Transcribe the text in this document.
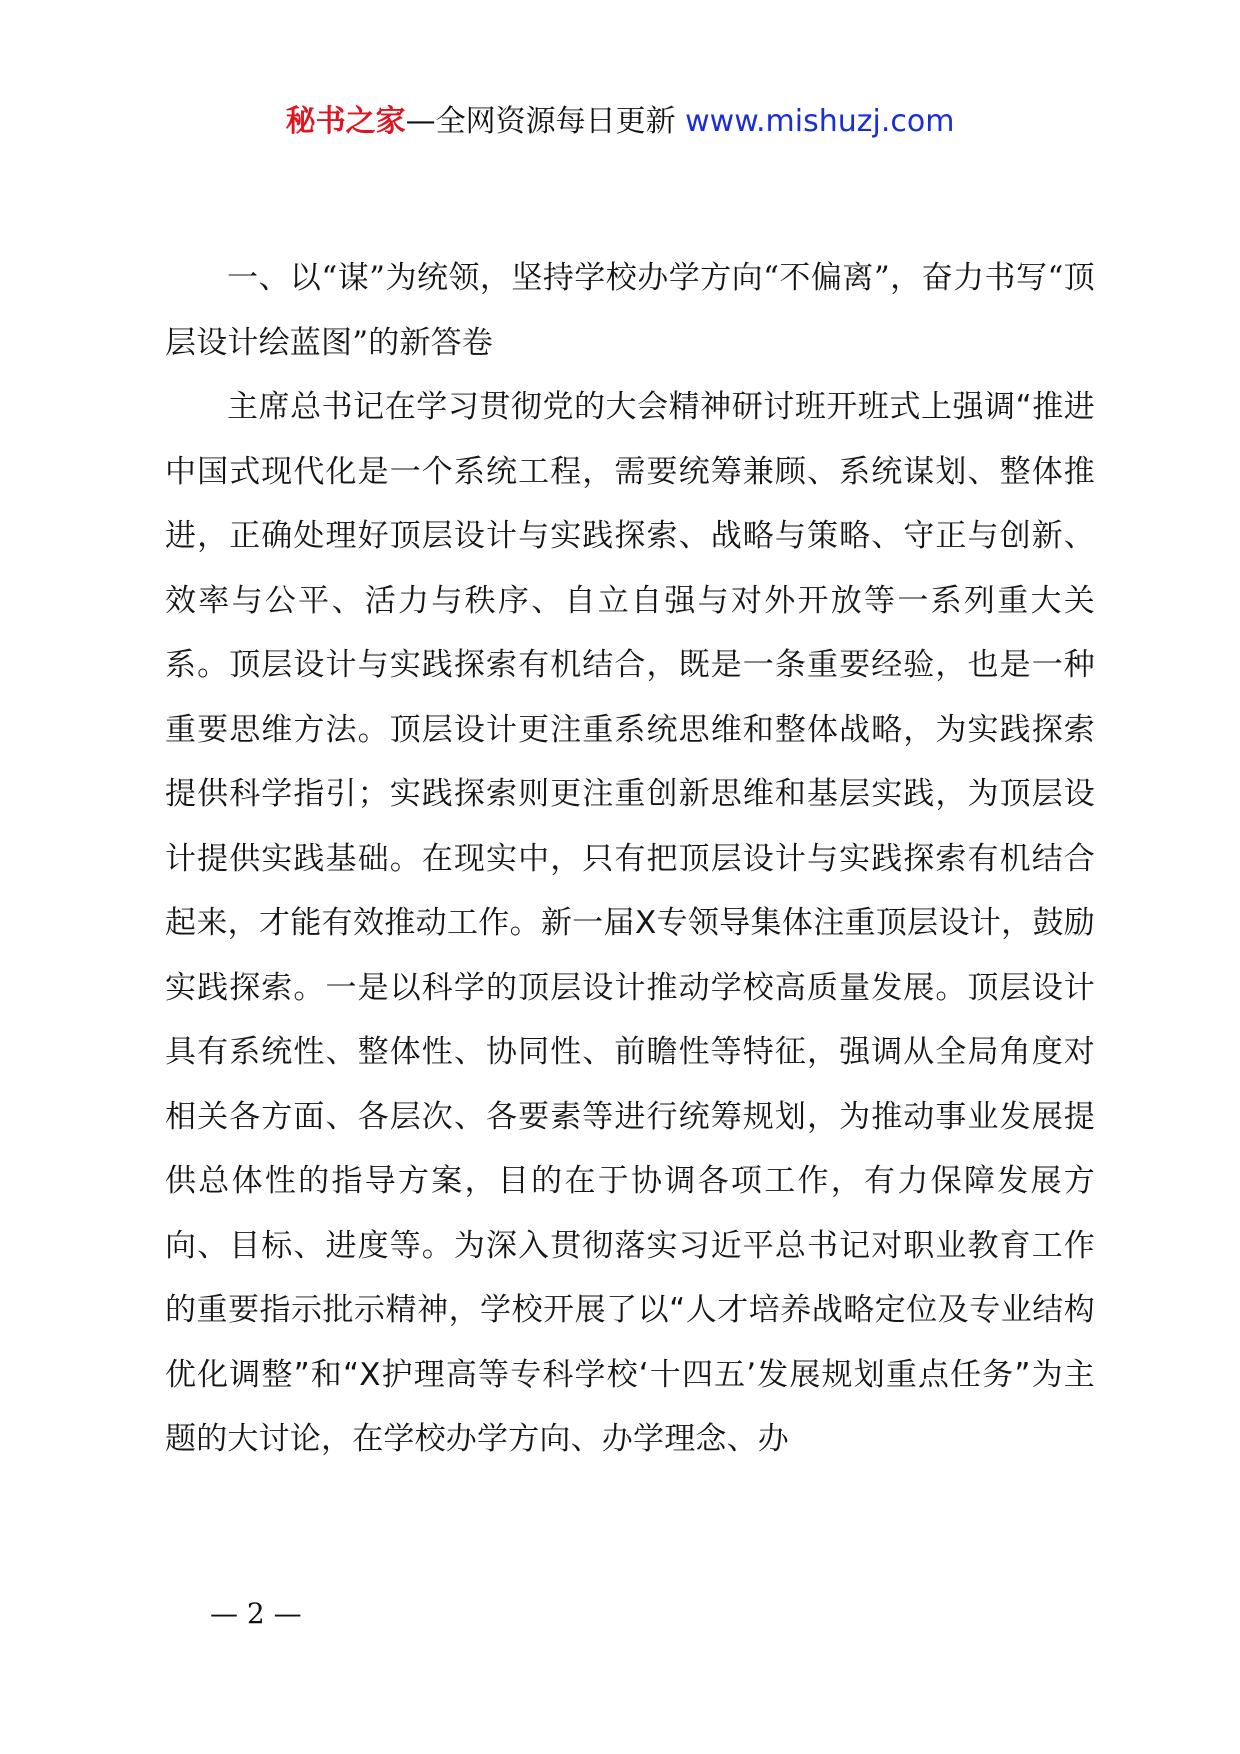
秘书之家—全网资源每日更新 www.mishuzj.com

一、以“谋”为统领，坚持学校办学方向“不偏离”，奋力书写“顶层设计绘蓝图”的新答卷

主席总书记在学习贯彻党的大会精神研讨班开班式上强调“推进中国式现代化是一个系统工程，需要统筹兼顾、系统谋划、整体推进，正确处理好顶层设计与实践探索、战略与策略、守正与创新、效率与公平、活力与秩序、自立自强与对外开放等一系列重大关系。顶层设计与实践探索有机结合，既是一条重要经验，也是一种重要思维方法。顶层设计更注重系统思维和整体战略，为实践探索提供科学指引；实践探索则更注重创新思维和基层实践，为顶层设计提供实践基础。在现实中，只有把顶层设计与实践探索有机结合起来，才能有效推动工作。新一届X专领导集体注重顶层设计，鼓励实践探索。一是以科学的顶层设计推动学校高质量发展。顶层设计具有系统性、整体性、协同性、前瞻性等特征，强调从全局角度对相关各方面、各层次、各要素等进行统筹规划，为推动事业发展提供总体性的指导方案，目的在于协调各项工作，有力保障发展方向、目标、进度等。为深入贯彻落实习近平总书记对职业教育工作的重要指示批示精神，学校开展了以“人才培养战略定位及专业结构优化调整”和“X护理高等专科学校‘十四五’发展规划重点任务”为主题的大讨论，在学校办学方向、办学理念、办

— 2 —
